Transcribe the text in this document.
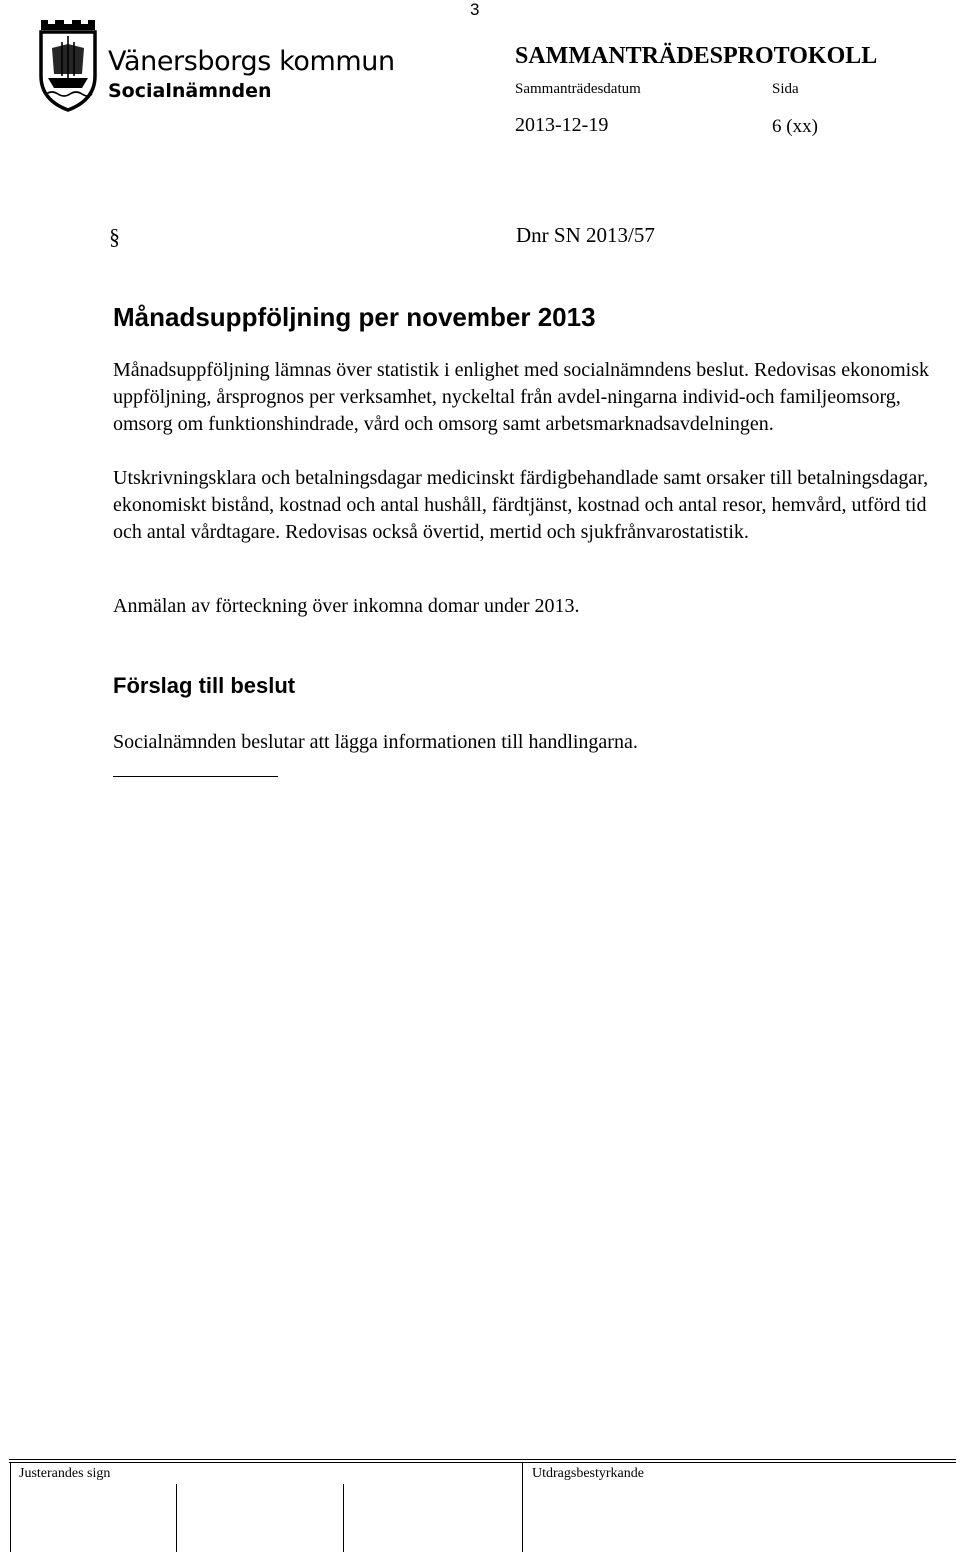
3
Vänersborgs kommun
Socialnämnden
SAMMANTRÄDESPROTOKOLL
Sammanträdesdatum	Sida
2013-12-19	6 (xx)
§	Dnr SN 2013/57
Månadsuppföljning per november 2013
Månadsuppföljning lämnas över statistik i enlighet med socialnämndens beslut. Redovisas ekonomisk uppföljning, årsprognos per verksamhet, nyckeltal från avdel-ningarna individ-och familjeomsorg, omsorg om funktionshindrade, vård och omsorg samt arbetsmarknadsavdelningen.
Utskrivningsklara och betalningsdagar medicinskt färdigbehandlade samt orsaker till betalningsdagar, ekonomiskt bistånd, kostnad och antal hushåll, färdtjänst, kostnad och antal resor, hemvård, utförd tid och antal vårdtagare. Redovisas också övertid, mertid och sjukfrånvarostatistik.
Anmälan av förteckning över inkomna domar under 2013.
Förslag till beslut
Socialnämnden beslutar att lägga informationen till handlingarna.
Justerandes sign	Utdragsbestyrkande
